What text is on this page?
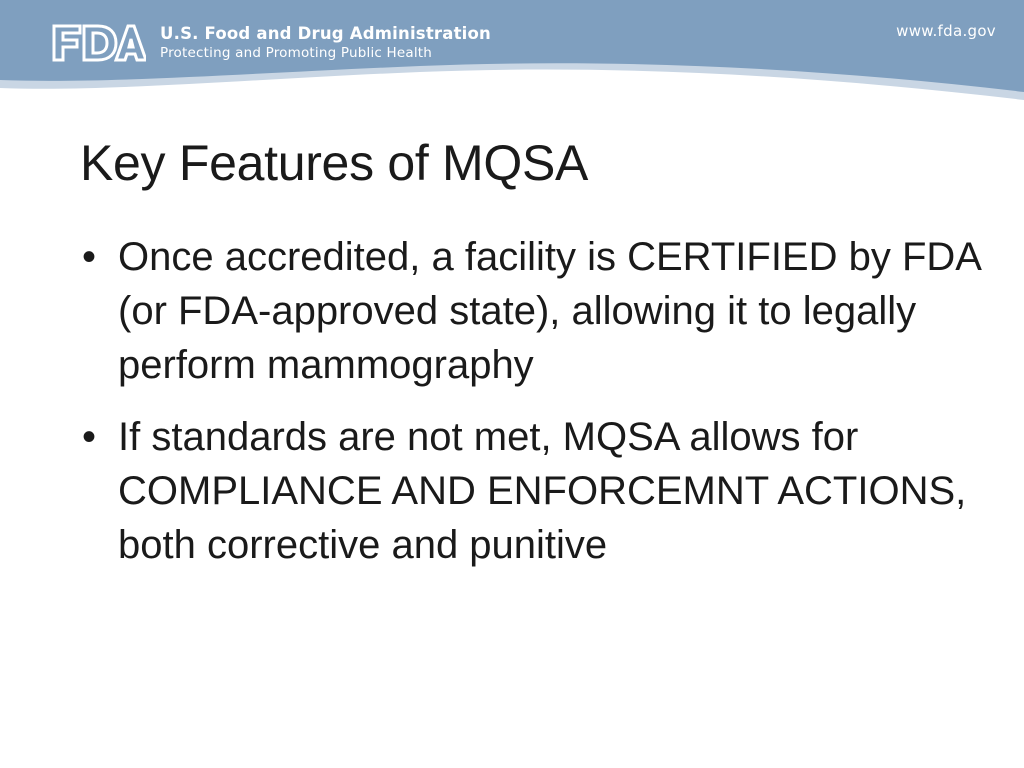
U.S. Food and Drug Administration
Protecting and Promoting Public Health
www.fda.gov
Key Features of MQSA
• Once accredited, a facility is CERTIFIED by FDA (or FDA-approved state), allowing it to legally perform mammography
• If standards are not met, MQSA allows for COMPLIANCE AND ENFORCEMNT ACTIONS, both corrective and punitive
